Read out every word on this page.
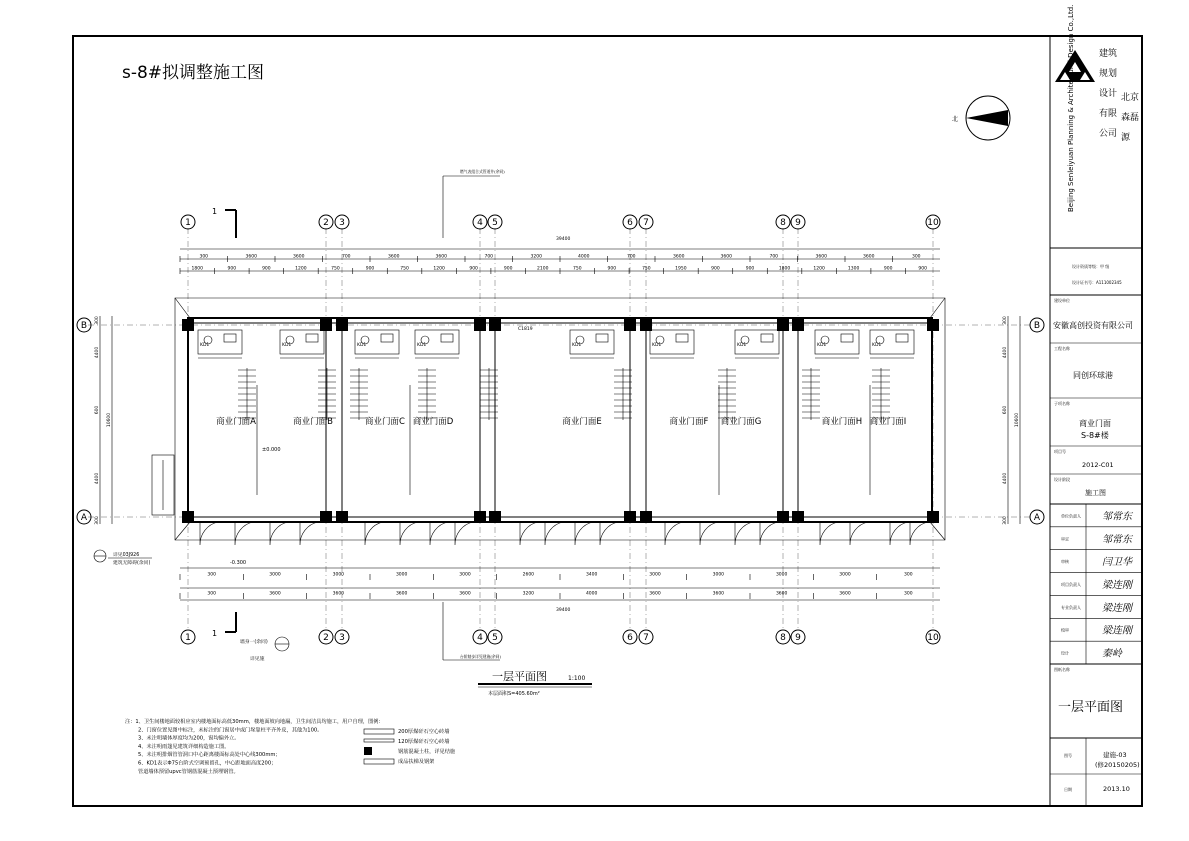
s-8#拟调整施工图
北
燃气表组合式管道井(余同)
1
1
1	2 3	4 5	6 7	8 9	10
1	2 3	4 5	6 7	8 9	10
B
A
B
A
39400
300	3600	3600	700	3600	3600	700	3200	4000	700	3600	3600	700	3600	3600	300
1800	900	900	1200	750	900	750	1200	900	900	2100	750	900	750	1950	900	900	1800	1200	1300	900	900
39400
300	3000	3000	3000	3000	2600	3400	3000	3000	3000	3000	300
300	3600	3600	3600	3600	3200	4000	3600	3600	3600	3600	300
300
4400
600
4400
300
10600
300
4400
600
4400
300
10600
KD1	KD1	KD1	KD1	KD1	KD1	KD1	KD1	KD1
C1819
商业门面A	商业门面B	商业门面C 商业门面D	商业门面E	商业门面F 商业门面G	商业门面H 商业门面I
±0.000
-0.300
详见03J926
建筑无障碍(余同)
墙身一(余同)
详见施
台阶踏步详见建施(余同)
一层平面图	1:100
本层面积S=405.60m²
注：1、卫生间楼地面较相应室内楼地面标高低30mm，楼地面坡向地漏，卫生间洁具均施工，用户自理，图例：
2、门窗位置见图中标注，未标注的门窗居中或门垛靠柱平齐外皮，其他为100。
3、未注明墙体厚度均为200，窗均偏外立。
4、未注明雨篷见建筑详细构造施工图。
5、未注明排烟管管洞口中心距离楼面标高处中心线300mm；
6、KD1表示Φ75台阶式空调预留孔，中心距地面高度200；
管道墙体预留upvc管钢筋混凝土预埋钢管。
200厚煤矸石空心砖墙
120厚煤矸石空心砖墙
钢筋混凝土柱，详见结施
成品扶梯及钢架
建筑
规划
设计
有限
公司
北京
森磊
源
Beijing Senleiyuan Planning & Architectural Design Co.,Ltd.
设计资质等级：甲 级
设计证书号：A111002345
建设单位
安徽高创投资有限公司
工程名称
同创环球港
子项名称
商业门面
S-8#楼
项目号
2012-C01
设计阶段
施工图
单位负责人 邹常东
审定	邹常东
审核	闫卫华
项目负责人 梁连刚
专业负责人 梁连刚
校审	梁连刚
设计	秦岭
图纸名称
一层平面图
图号	建施-03
(修20150205)
日期	2013.10
